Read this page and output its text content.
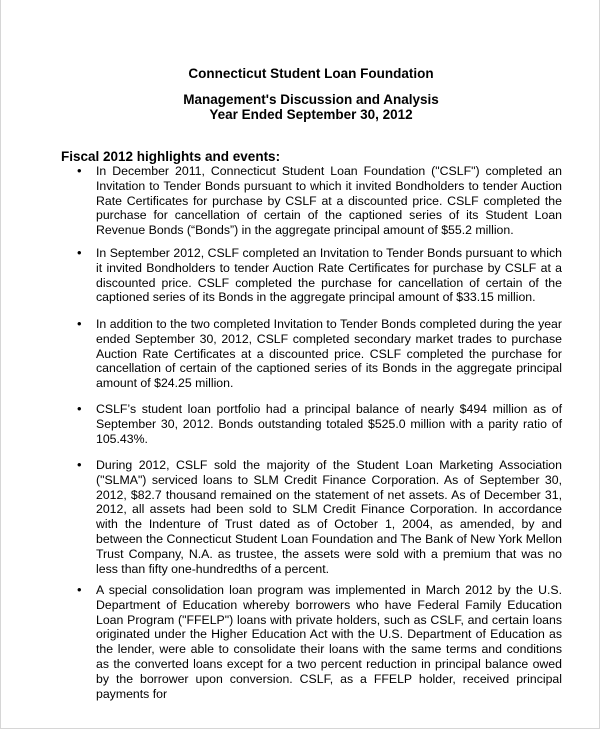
Connecticut Student Loan Foundation
Management's Discussion and Analysis
Year Ended September 30, 2012
Fiscal 2012 highlights and events:
•	In December 2011, Connecticut Student Loan Foundation ("CSLF") completed an Invitation to Tender Bonds pursuant to which it invited Bondholders to tender Auction Rate Certificates for purchase by CSLF at a discounted price. CSLF completed the purchase for cancellation of certain of the captioned series of its Student Loan Revenue Bonds (“Bonds”) in the aggregate principal amount of $55.2 million.
•	In September 2012, CSLF completed an Invitation to Tender Bonds pursuant to which it invited Bondholders to tender Auction Rate Certificates for purchase by CSLF at a discounted price. CSLF completed the purchase for cancellation of certain of the captioned series of its Bonds in the aggregate principal amount of $33.15 million.
•	In addition to the two completed Invitation to Tender Bonds completed during the year ended September 30, 2012, CSLF completed secondary market trades to purchase Auction Rate Certificates at a discounted price. CSLF completed the purchase for cancellation of certain of the captioned series of its Bonds in the aggregate principal amount of $24.25 million.
•	CSLF’s student loan portfolio had a principal balance of nearly $494 million as of September 30, 2012. Bonds outstanding totaled $525.0 million with a parity ratio of 105.43%.
•	During 2012, CSLF sold the majority of the Student Loan Marketing Association ("SLMA") serviced loans to SLM Credit Finance Corporation. As of September 30, 2012, $82.7 thousand remained on the statement of net assets. As of December 31, 2012, all assets had been sold to SLM Credit Finance Corporation. In accordance with the Indenture of Trust dated as of October 1, 2004, as amended, by and between the Connecticut Student Loan Foundation and The Bank of New York Mellon Trust Company, N.A. as trustee, the assets were sold with a premium that was no less than fifty one-hundredths of a percent.
•	A special consolidation loan program was implemented in March 2012 by the U.S. Department of Education whereby borrowers who have Federal Family Education Loan Program ("FFELP") loans with private holders, such as CSLF, and certain loans originated under the Higher Education Act with the U.S. Department of Education as the lender, were able to consolidate their loans with the same terms and conditions as the converted loans except for a two percent reduction in principal balance owed by the borrower upon conversion. CSLF, as a FFELP holder, received principal payments for
